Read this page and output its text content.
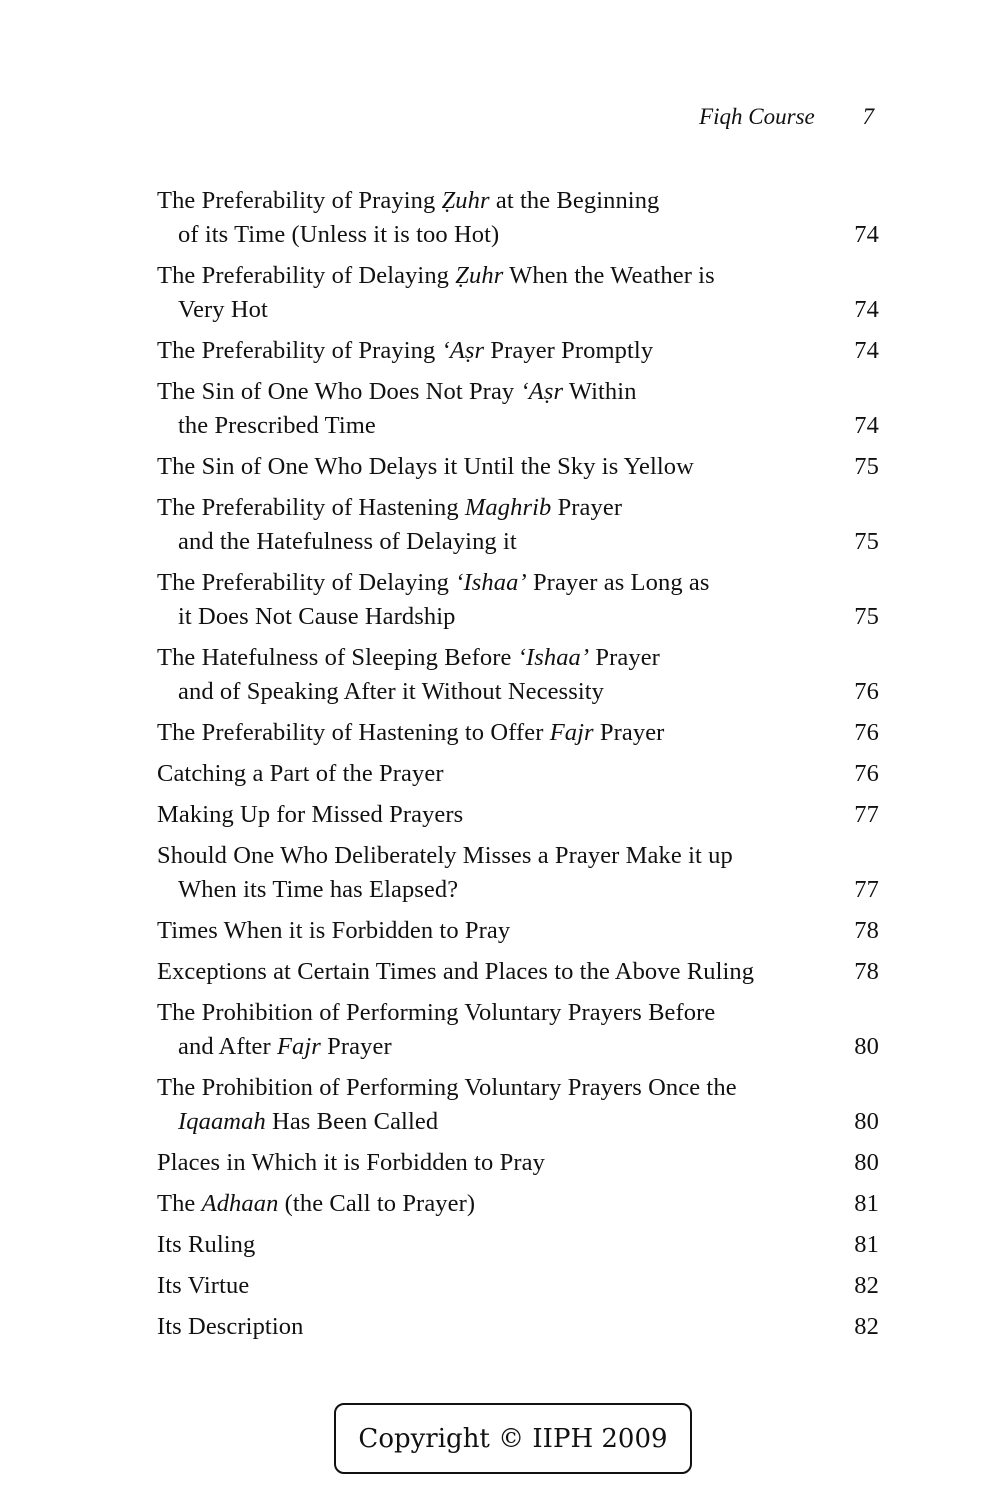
Fiqh Course 7
The Preferability of Praying Ẓuhr at the Beginning
of its Time (Unless it is too Hot)	74
The Preferability of Delaying Ẓuhr When the Weather is
Very Hot	74
The Preferability of Praying ‘Aṣr Prayer Promptly	74
The Sin of One Who Does Not Pray ‘Aṣr Within
the Prescribed Time	74
The Sin of One Who Delays it Until the Sky is Yellow	75
The Preferability of Hastening Maghrib Prayer
and the Hatefulness of Delaying it	75
The Preferability of Delaying ‘Ishaa’ Prayer as Long as
it Does Not Cause Hardship	75
The Hatefulness of Sleeping Before ‘Ishaa’ Prayer
and of Speaking After it Without Necessity	76
The Preferability of Hastening to Offer Fajr Prayer	76
Catching a Part of the Prayer	76
Making Up for Missed Prayers	77
Should One Who Deliberately Misses a Prayer Make it up
When its Time has Elapsed?	77
Times When it is Forbidden to Pray	78
Exceptions at Certain Times and Places to the Above Ruling	78
The Prohibition of Performing Voluntary Prayers Before
and After Fajr Prayer	80
The Prohibition of Performing Voluntary Prayers Once the
Iqaamah Has Been Called	80
Places in Which it is Forbidden to Pray	80
The Adhaan (the Call to Prayer)	81
Its Ruling	81
Its Virtue	82
Its Description	82
Copyright © IIPH 2009
